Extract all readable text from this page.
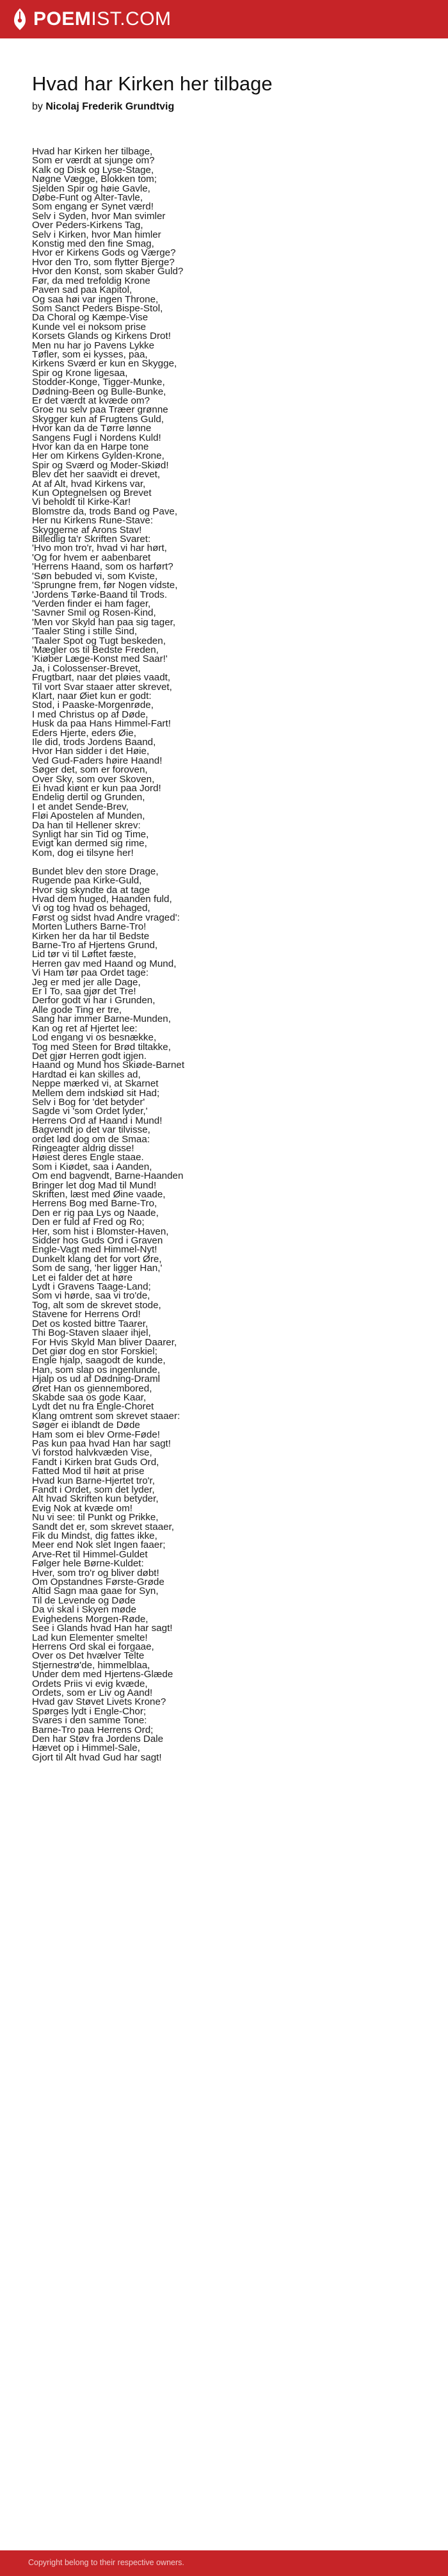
POEMIST.COM
Hvad har Kirken her tilbage

by Nicolaj Frederik Grundtvig

Hvad har Kirken her tilbage,
Som er værdt at sjunge om?
Kalk og Disk og Lyse-Stage,
Nøgne Vægge, Blokken tom;
Sjelden Spir og høie Gavle,
Døbe-Funt og Alter-Tavle,
Som engang er Synet værd!
Selv i Syden, hvor Man svimler
Over Peders-Kirkens Tag,
Selv i Kirken, hvor Man himler
Konstig med den fine Smag,
Hvor er Kirkens Gods og Værge?
Hvor den Tro, som flytter Bjerge?
Hvor den Konst, som skaber Guld?
Før, da med trefoldig Krone
Paven sad paa Kapitol,
Og saa høi var ingen Throne,
Som Sanct Peders Bispe-Stol,
Da Choral og Kæmpe-Vise
Kunde vel ei noksom prise
Korsets Glands og Kirkens Drot!
Men nu har jo Pavens Lykke
Tøfler, som ei kysses, paa,
Kirkens Sværd er kun en Skygge,
Spir og Krone ligesaa,
Stodder-Konge, Tigger-Munke,
Dødning-Been og Bulle-Bunke,
Er det værdt at kvæde om?
Groe nu selv paa Træer grønne
Skygger kun af Frugtens Guld,
Hvor kan da de Tørre lønne
Sangens Fugl i Nordens Kuld!
Hvor kan da en Harpe tone
Her om Kirkens Gylden-Krone,
Spir og Sværd og Moder-Skiød!
Blev det her saavidt ei drevet,
At af Alt, hvad Kirkens var,
Kun Optegnelsen og Brevet
Vi beholdt til Kirke-Kar!
Blomstre da, trods Band og Pave,
Her nu Kirkens Rune-Stave:
Skyggerne af Arons Stav!
Billedlig ta'r Skriften Svaret:
'Hvo mon tro'r, hvad vi har hørt,
'Og for hvem er aabenbaret
'Herrens Haand, som os harført?
'Søn bebuded vi, som Kviste,
'Sprungne frem, før Nogen vidste,
'Jordens Tørke-Baand til Trods.
'Verden finder ei ham fager,
'Savner Smil og Rosen-Kind,
'Men vor Skyld han paa sig tager,
'Taaler Sting i stille Sind,
'Taaler Spot og Tugt beskeden,
'Mægler os til Bedste Freden,
'Kiøber Læge-Konst med Saar!'
Ja, i Colossenser-Brevet,
Frugtbart, naar det pløies vaadt,
Til vort Svar staaer atter skrevet,
Klart, naar Øiet kun er godt:
Stod, i Paaske-Morgenrøde,
I med Christus op af Døde,
Husk da paa Hans Himmel-Fart!
Eders Hjerte, eders Øie,
Ile did, trods Jordens Baand,
Hvor Han sidder i det Høie,
Ved Gud-Faders høire Haand!
Søger det, som er foroven,
Over Sky, som over Skoven,
Ei hvad kiønt er kun paa Jord!
Endelig dertil og Grunden,
I et andet Sende-Brev,
Fløi Apostelen af Munden,
Da han til Hellener skrev:
Synligt har sin Tid og Time,
Evigt kan dermed sig rime,
Kom, dog ei tilsyne her!

Bundet blev den store Drage,
Rugende paa Kirke-Guld,
Hvor sig skyndte da at tage
Hvad dem huged, Haanden fuld,
Vi og tog hvad os behaged,
Først og sidst hvad Andre vraged':
Morten Luthers Barne-Tro!
Kirken her da har til Bedste
Barne-Tro af Hjertens Grund,
Lid tør vi til Løftet fæste,
Herren gav med Haand og Mund,
Vi Ham tør paa Ordet tage:
Jeg er med jer alle Dage,
Er I To, saa gjør det Tre!
Derfor godt vi har i Grunden,
Alle gode Ting er tre,
Sang har immer Barne-Munden,
Kan og ret af Hjertet lee:
Lod engang vi os besnække,
Tog med Steen for Brød tiltakke,
Det gjør Herren godt igjen.
Haand og Mund hos Skiøde-Barnet
Hardtad ei kan skilles ad,
Neppe mærked vi, at Skarnet
Mellem dem indskiød sit Had;
Selv i Bog for 'det betyder'
Sagde vi 'som Ordet lyder,'
Herrens Ord af Haand i Mund!
Bagvendt jo det var tilvisse,
ordet lød dog om de Smaa:
Ringeagter aldrig disse!
Høiest deres Engle staae.
Som i Kiødet, saa i Aanden,
Om end bagvendt, Barne-Haanden
Bringer let dog Mad til Mund!
Skriften, læst med Øine vaade,
Herrens Bog med Barne-Tro,
Den er rig paa Lys og Naade,
Den er fuld af Fred og Ro;
Her, som hist i Blomster-Haven,
Sidder hos Guds Ord i Graven
Engle-Vagt med Himmel-Nyt!
Dunkelt klang det for vort Øre,
Som de sang, 'her ligger Han,'
Let ei falder det at høre
Lydt i Gravens Taage-Land;
Som vi hørde, saa vi tro'de,
Tog, alt som de skrevet stode,
Stavene for Herrens Ord!
Det os kosted bittre Taarer,
Thi Bog-Staven slaaer ihjel,
For Hvis Skyld Man bliver Daarer,
Det giør dog en stor Forskiel;
Engle hjalp, saagodt de kunde,
Han, som slap os ingenlunde,
Hjalp os ud af Dødning-Draml
Øret Han os giennembored,
Skabde saa os gode Kaar,
Lydt det nu fra Engle-Choret
Klang omtrent som skrevet staaer:
Søger ei iblandt de Døde
Ham som ei blev Orme-Føde!
Pas kun paa hvad Han har sagt!
Vi forstod halvkvæden Vise,
Fandt i Kirken brat Guds Ord,
Fatted Mod til høit at prise
Hvad kun Barne-Hjertet tro'r,
Fandt i Ordet, som det lyder,
Alt hvad Skriften kun betyder,
Evig Nok at kvæde om!
Nu vi see: til Punkt og Prikke,
Sandt det er, som skrevet staaer,
Fik du Mindst, dig fattes ikke,
Meer end Nok slet Ingen faaer;
Arve-Ret til Himmel-Guldet
Følger hele Børne-Kuldet:
Hver, som tro'r og bliver døbt!
Om Opstandnes Første-Grøde
Altid Sagn maa gaae for Syn,
Til de Levende og Døde
Da vi skal i Skyen møde
Evighedens Morgen-Røde,
See i Glands hvad Han har sagt!
Lad kun Elementer smelte!
Herrens Ord skal ei forgaae,
Over os Det hvælver Telte
Stjernestrø'de, himmelblaa,
Under dem med Hjertens-Glæde
Ordets Priis vi evig kvæde,
Ordets, som er Liv og Aand!
Hvad gav Støvet Livets Krone?
Spørges lydt i Engle-Chor;
Svares i den samme Tone:
Barne-Tro paa Herrens Ord;
Den har Støv fra Jordens Dale
Hævet op i Himmel-Sale,
Gjort til Alt hvad Gud har sagt!

Copyright belong to their respective owners.
